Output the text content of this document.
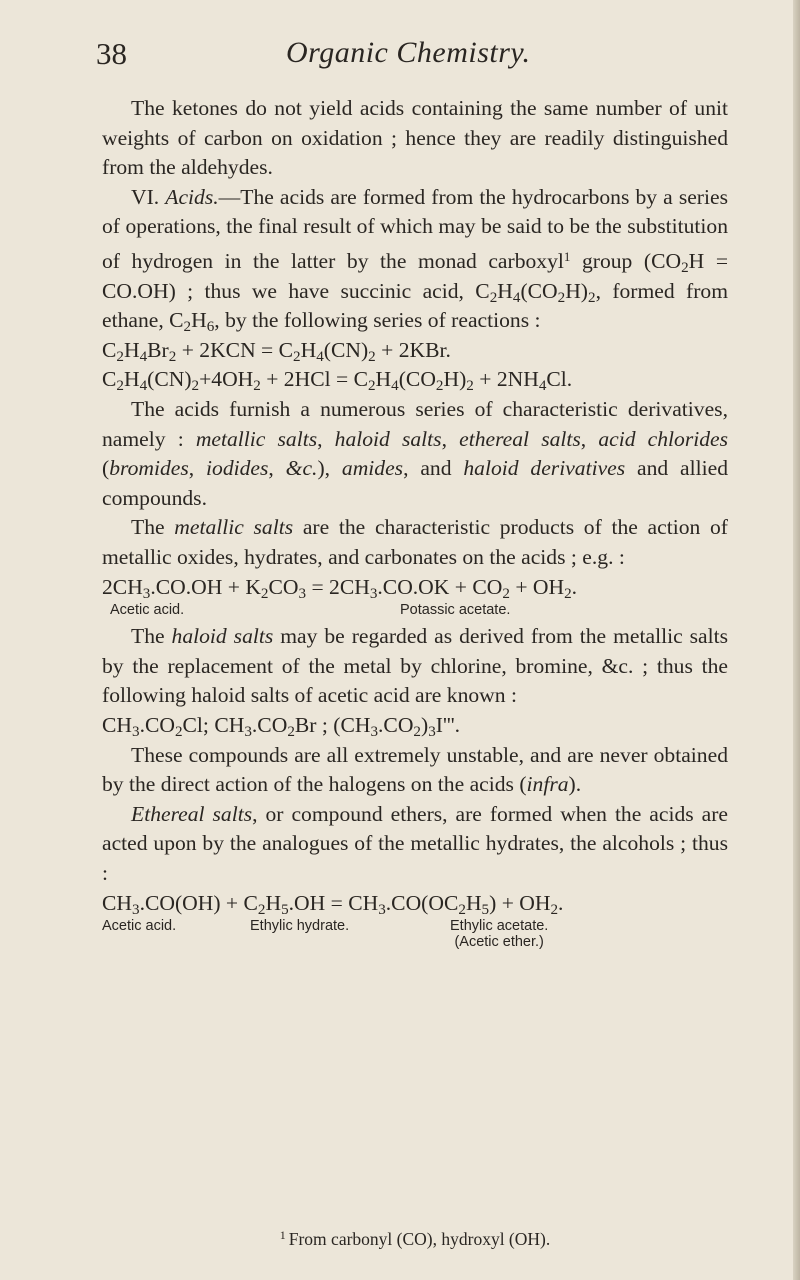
38	Organic Chemistry.

The ketones do not yield acids containing the same number of unit weights of carbon on oxidation ; hence they are readily distinguished from the aldehydes.

VI. Acids.—The acids are formed from the hydrocarbons by a series of operations, the final result of which may be said to be the substitution of hydrogen in the latter by the monad carboxyl$^1$ group $(CO_2H = CO.OH)$ ; thus we have succinic acid, $C_2H_4(CO_2H)_2$, formed from ethane, $C_2H_6$, by the following series of reactions :

$C_2H_4Br_2 + 2KCN = C_2H_4(CN)_2 + 2KBr$.

$C_2H_4(CN)_2+4OH_2 + 2HCl = C_2H_4(CO_2H)_2 + 2NH_4Cl$.

The acids furnish a numerous series of characteristic derivatives, namely : metallic salts, haloid salts, ethereal salts, acid chlorides (bromides, iodides, &c.), amides, and haloid derivatives and allied compounds.

The metallic salts are the characteristic products of the action of metallic oxides, hydrates, and carbonates on the acids ; e.g. :

$2CH_3.CO.OH + K_2CO_3 = 2CH_3.CO.OK + CO_2 + OH_2$.

Acetic acid.	Potassic acetate.

The haloid salts may be regarded as derived from the metallic salts by the replacement of the metal by chlorine, bromine, &c. ; thus the following haloid salts of acetic acid are known :

$CH_3.CO_2Cl$; $CH_3.CO_2Br$ ; $(CH_3.CO_2)_3I'''$.

These compounds are all extremely unstable, and are never obtained by the direct action of the halogens on the acids (infra).

Ethereal salts, or compound ethers, are formed when the acids are acted upon by the analogues of the metallic hydrates, the alcohols ; thus :

$CH_3.CO(OH) + C_2H_5.OH = CH_3.CO(OC_2H_5) + OH_2$.

Acetic acid.	Ethylic hydrate.	Ethylic acetate.
(Acetic ether.)
$^1$ From carbonyl (CO), hydroxyl (OH).
